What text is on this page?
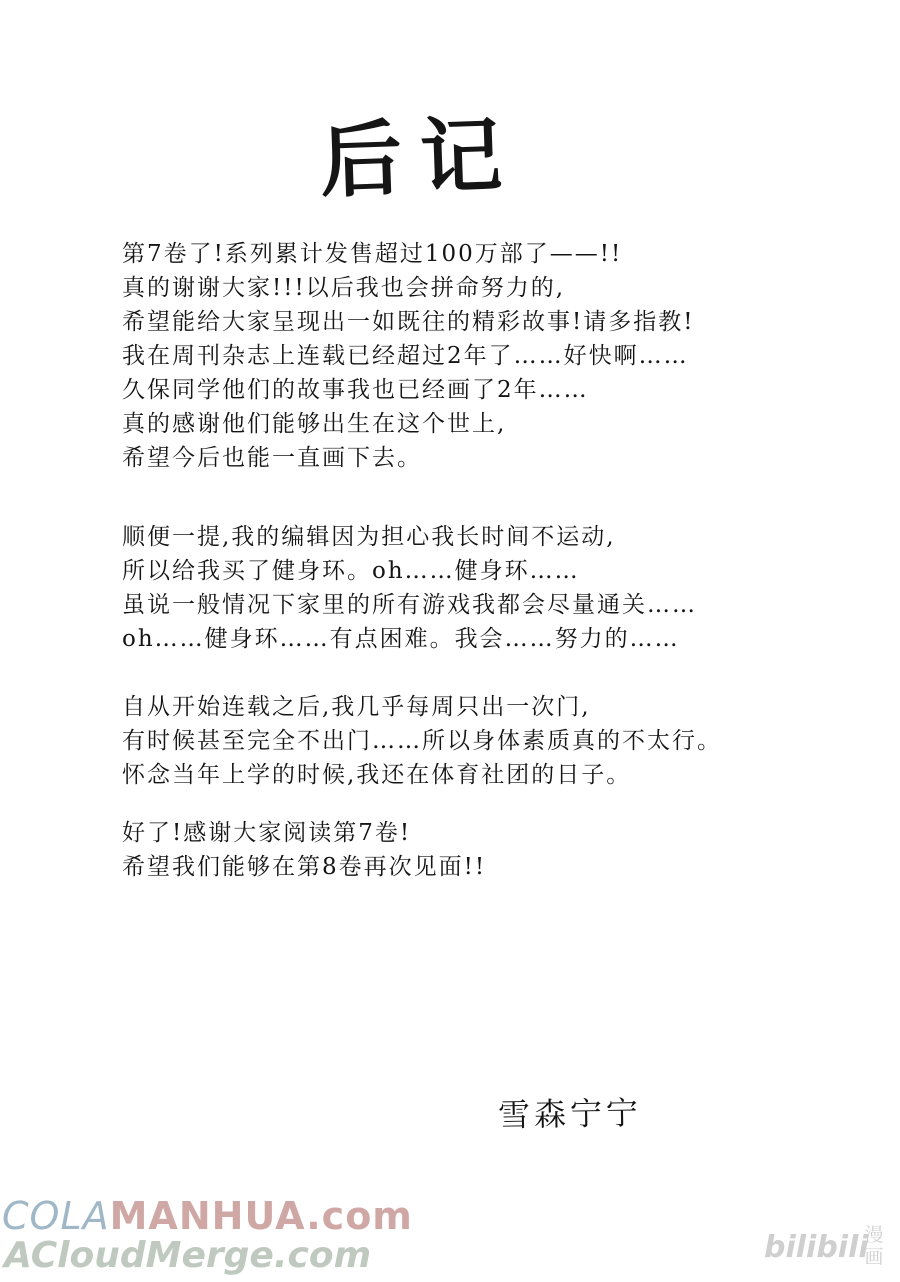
后记
第7卷了!系列累计发售超过100万部了——!!
真的谢谢大家!!!以后我也会拼命努力的,
希望能给大家呈现出一如既往的精彩故事!请多指教!
我在周刊杂志上连载已经超过2年了……好快啊……
久保同学他们的故事我也已经画了2年……
真的感谢他们能够出生在这个世上,
希望今后也能一直画下去。
顺便一提,我的编辑因为担心我长时间不运动,
所以给我买了健身环。oh……健身环……
虽说一般情况下家里的所有游戏我都会尽量通关……
oh……健身环……有点困难。我会……努力的……
自从开始连载之后,我几乎每周只出一次门,
有时候甚至完全不出门……所以身体素质真的不太行。
怀念当年上学的时候,我还在体育社团的日子。
好了!感谢大家阅读第7卷!
希望我们能够在第8卷再次见面!!
雪森宁宁
COLAMANHUA.com
ACloudMerge.com	bilibili
漫画
